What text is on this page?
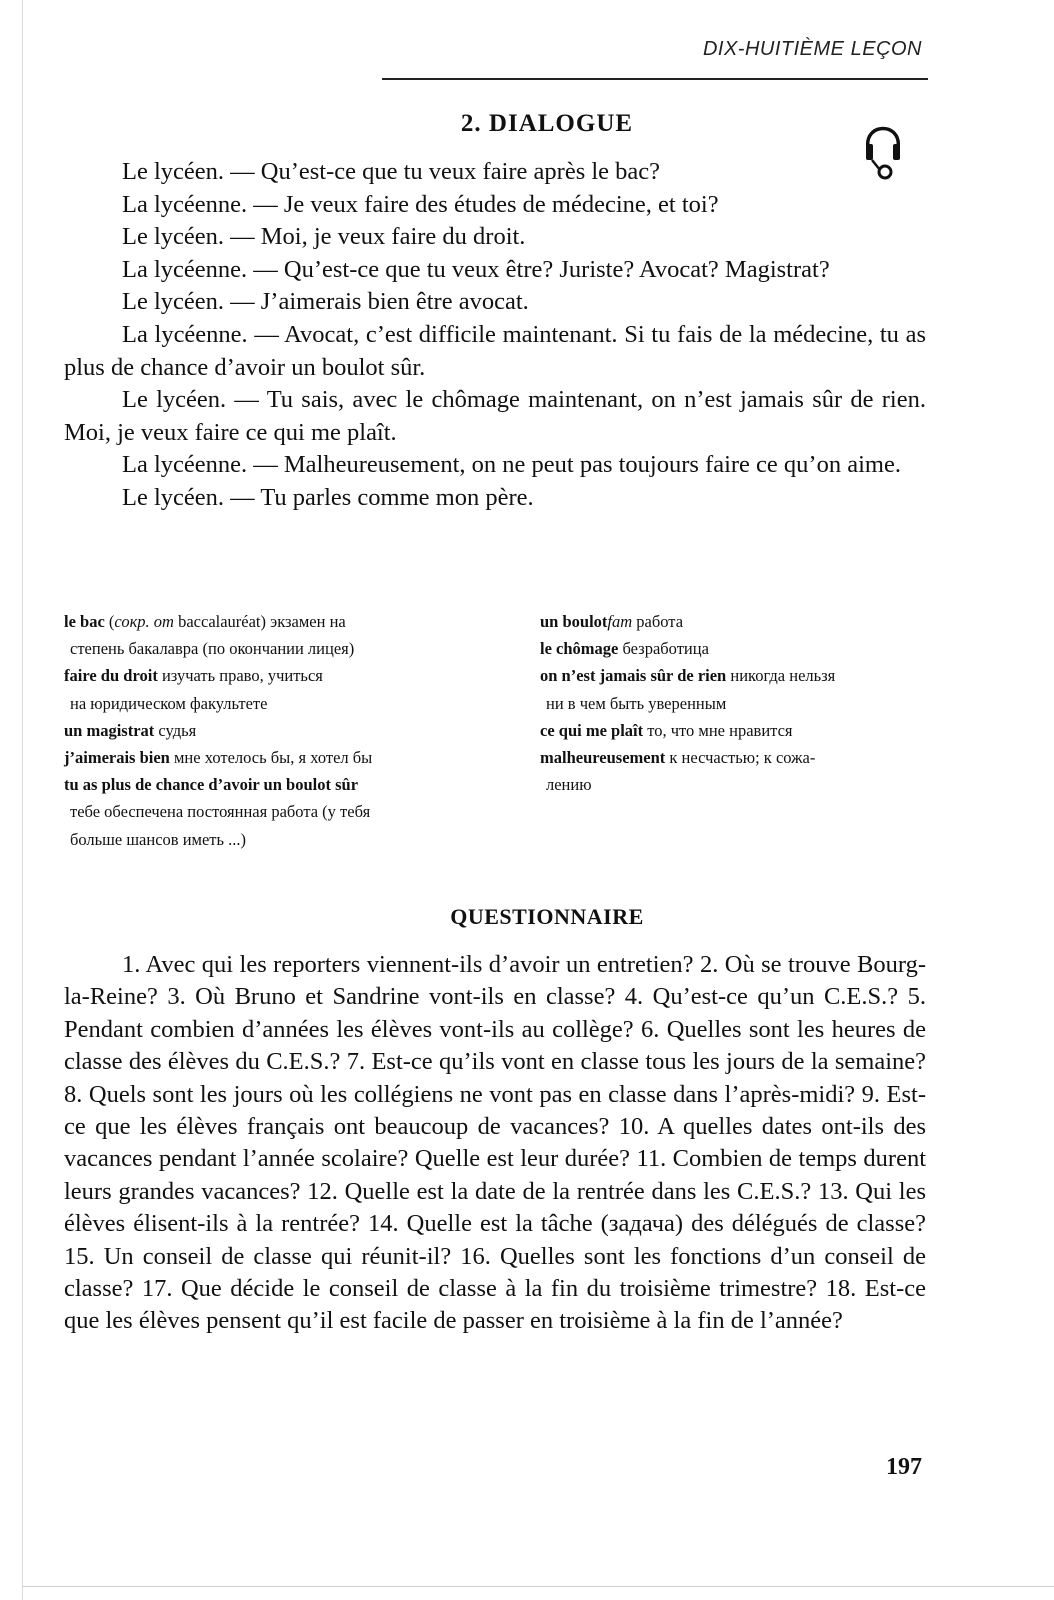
DIX-HUITIÈME LEÇON
2. DIALOGUE

Le lycéen. — Qu’est-ce que tu veux faire après le bac?

La lycéenne. — Je veux faire des études de médecine, et toi?

Le lycéen. — Moi, je veux faire du droit.

La lycéenne. — Qu’est-ce que tu veux être? Juriste? Avocat? Magistrat?

Le lycéen. — J’aimerais bien être avocat.

La lycéenne. — Avocat, c’est difficile maintenant. Si tu fais de la médecine, tu as plus de chance d’avoir un boulot sûr.

Le lycéen. — Tu sais, avec le chômage maintenant, on n’est jamais sûr de rien. Moi, je veux faire ce qui me plaît.

La lycéenne. — Malheureusement, on ne peut pas toujours faire ce qu’on aime.

Le lycéen. — Tu parles comme mon père.

le bac (сокр. от baccalauréat) экзамен на
степень бакалавра (по окончании лицея)
faire du droit изучать право, учиться
на юридическом факультете
un magistrat судья
j’aimerais bien мне хотелось бы, я хотел бы
tu as plus de chance d’avoir un boulot sûr
тебе обеспечена постоянная работа (у тебя
больше шансов иметь ...)
un boulotfam работа
le chômage безработица
on n’est jamais sûr de rien никогда нельзя
ни в чем быть уверенным
ce qui me plaît то, что мне нравится
malheureusement к несчастью; к сожа-
лению
QUESTIONNAIRE
1. Avec qui les reporters viennent-ils d’avoir un entretien? 2. Où se trouve Bourg-la-Reine? 3. Où Bruno et Sandrine vont-ils en classe? 4. Qu’est-ce qu’un C.E.S.? 5. Pendant combien d’années les élèves vont-ils au collège? 6. Quelles sont les heures de classe des élèves du C.E.S.? 7. Est-ce qu’ils vont en classe tous les jours de la semaine? 8. Quels sont les jours où les collégiens ne vont pas en classe dans l’après-midi? 9. Est-ce que les élèves français ont beaucoup de vacances? 10. A quelles dates ont-ils des vacances pendant l’année scolaire? Quelle est leur durée? 11. Combien de temps durent leurs grandes vacances? 12. Quelle est la date de la rentrée dans les C.E.S.? 13. Qui les élèves élisent-ils à la rentrée? 14. Quelle est la tâche (задача) des délégués de classe? 15. Un conseil de classe qui réunit-il? 16. Quelles sont les fonctions d’un conseil de classe? 17. Que décide le conseil de classe à la fin du troisième trimestre? 18. Est-ce que les élèves pensent qu’il est facile de passer en troisième à la fin de l’année?
197
